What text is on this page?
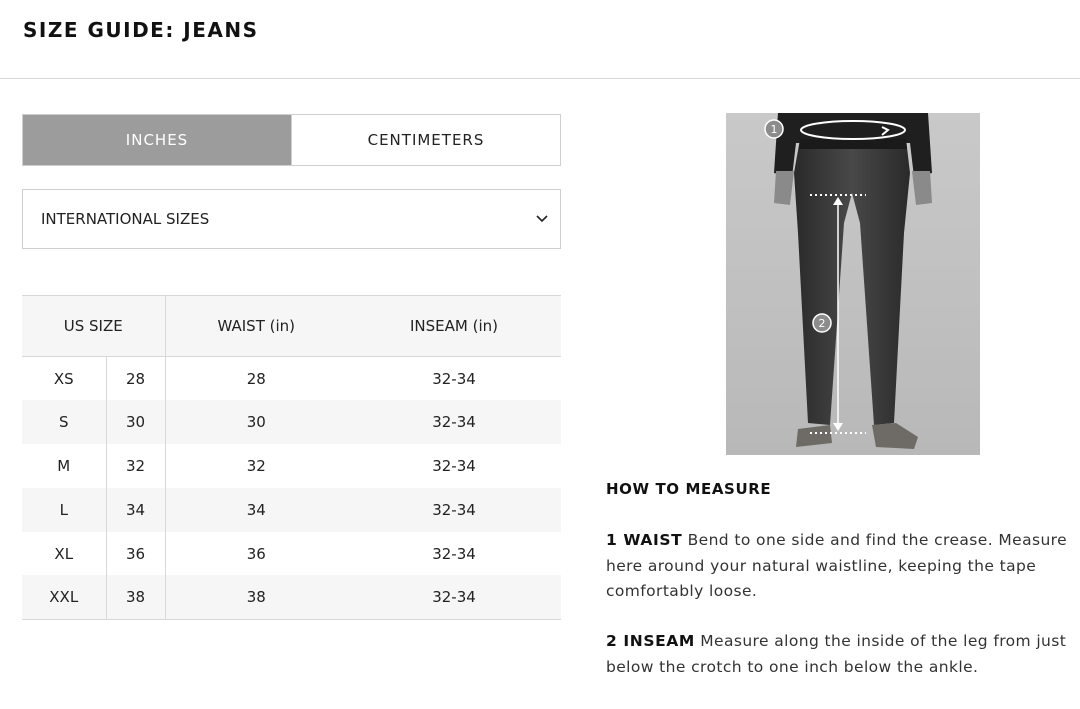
SIZE GUIDE: JEANS
INCHES	CENTIMETERS
INTERNATIONAL SIZES
US SIZE		WAIST (in)	INSEAM (in)
XS	28	28	32-34
S	30	30	32-34
M	32	32	32-34
L	34	34	32-34
XL	36	36	32-34
XXL	38	38	32-34
1
2
HOW TO MEASURE

1 WAIST Bend to one side and find the crease. Measure here around your natural waistline, keeping the tape comfortably loose.

2 INSEAM Measure along the inside of the leg from just below the crotch to one inch below the ankle.
